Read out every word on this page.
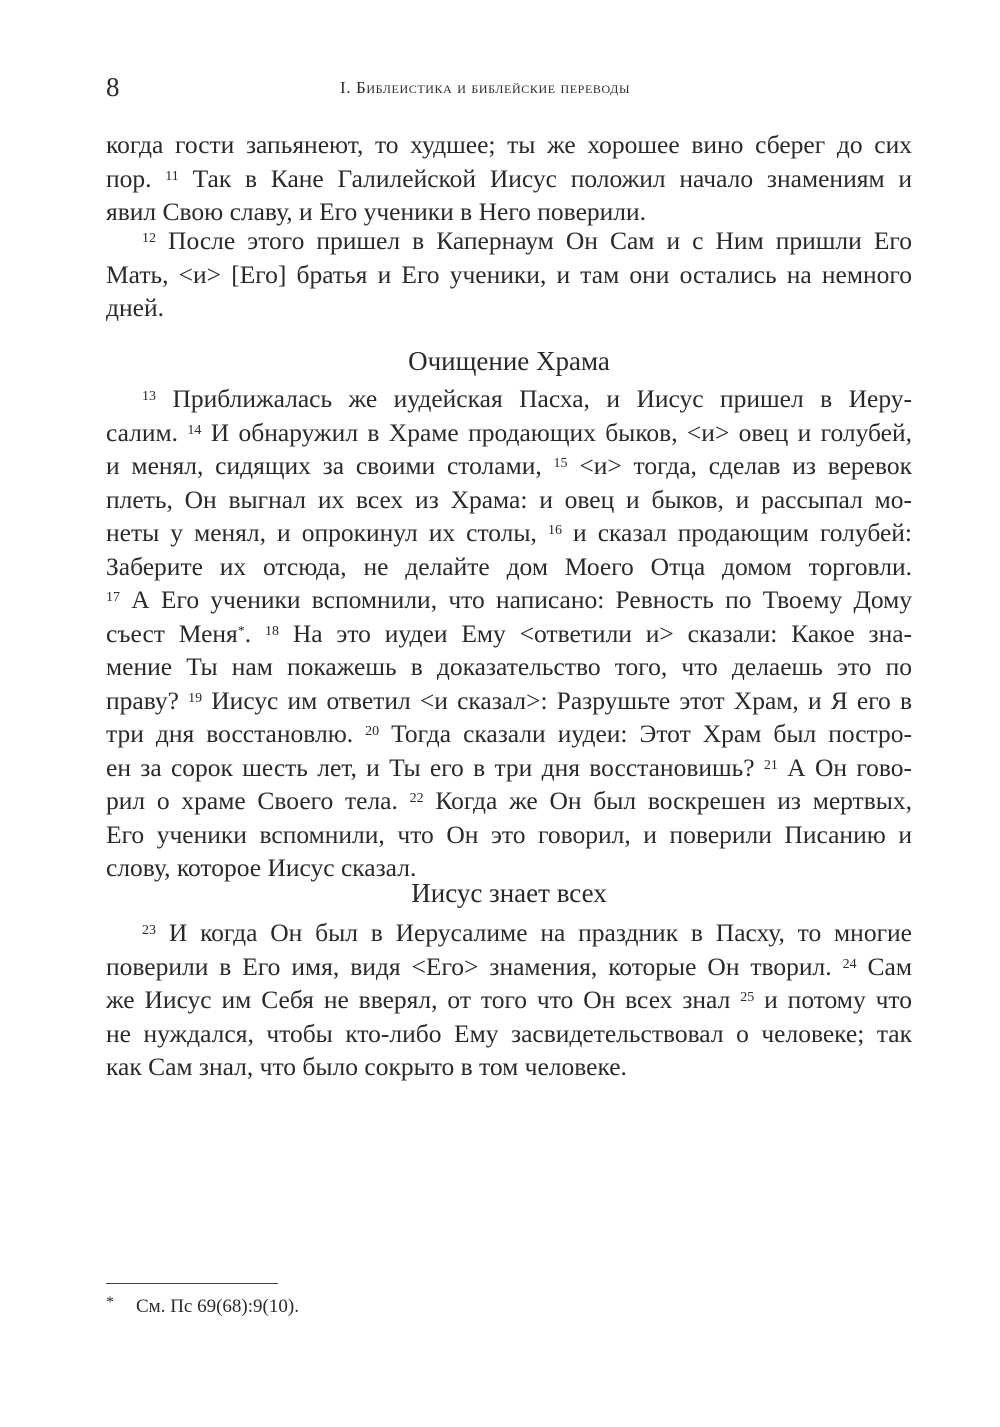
8	I. Библеистика и библейские переводы

когда гости запьянеют, то худшее; ты же хорошее вино сберег до сих
пор. $^{11}$ Так в Кане Галилейской Иисус положил начало знамениям и
явил Свою славу, и Его ученики в Него поверили.

$^{12}$ После этого пришел в Капернаум Он Сам и с Ним пришли Его
Мать, <и> [Его] братья и Его ученики, и там они остались на немного
дней.

Очищение Храма

$^{13}$ Приближалась же иудейская Пасха, и Иисус пришел в Иеру-
салим. $^{14}$ И обнаружил в Храме продающих быков, <и> овец и голубей,
и менял, сидящих за своими столами, $^{15}$ <и> тогда, сделав из веревок
плеть, Он выгнал их всех из Храма: и овец и быков, и рассыпал мо-
неты у менял, и опрокинул их столы, $^{16}$ и сказал продающим голубей:
Заберите их отсюда, не делайте дом Моего Отца домом торговли.
$^{17}$ А Его ученики вспомнили, что написано: Ревность по Твоему Дому
съест Меня*. $^{18}$ На это иудеи Ему <ответили и> сказали: Какое зна-
мение Ты нам покажешь в доказательство того, что делаешь это по
праву? $^{19}$ Иисус им ответил <и сказал>: Разрушьте этот Храм, и Я его в
три дня восстановлю. $^{20}$ Тогда сказали иудеи: Этот Храм был постро-
ен за сорок шесть лет, и Ты его в три дня восстановишь? $^{21}$ А Он гово-
рил о храме Своего тела. $^{22}$ Когда же Он был воскрешен из мертвых,
Его ученики вспомнили, что Он это говорил, и поверили Писанию и
слову, которое Иисус сказал.

Иисус знает всех

$^{23}$ И когда Он был в Иерусалиме на праздник в Пасху, то многие
поверили в Его имя, видя <Его> знамения, которые Он творил. $^{24}$ Сам
же Иисус им Себя не вверял, от того что Он всех знал $^{25}$ и потому что
не нуждался, чтобы кто-либо Ему засвидетельствовал о человеке; так
как Сам знал, что было сокрыто в том человеке.

* См. Пс 69(68):9(10).
